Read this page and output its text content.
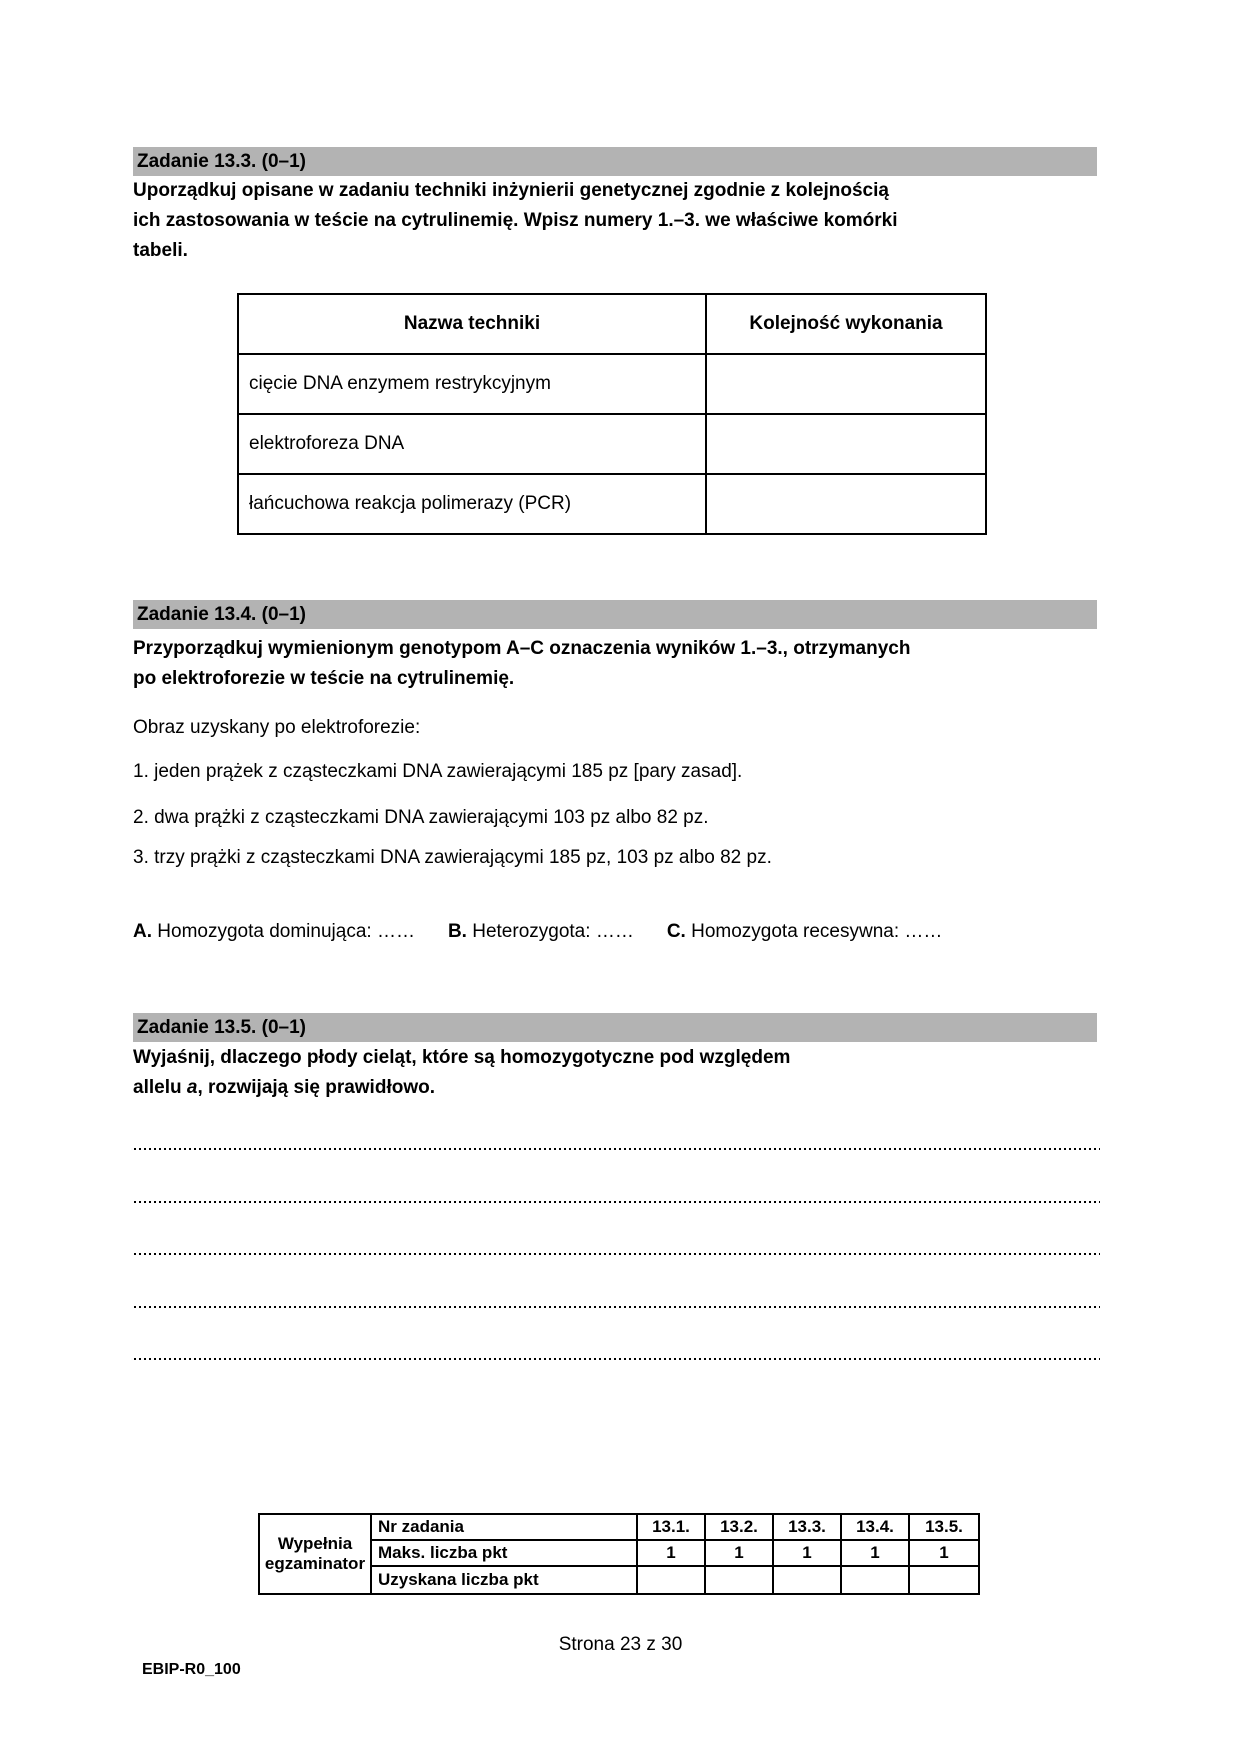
Zadanie 13.3. (0–1)
Uporządkuj opisane w zadaniu techniki inżynierii genetycznej zgodnie z kolejnością
ich zastosowania w teście na cytrulinemię. Wpisz numery 1.–3. we właściwe komórki
tabeli.
Nazwa techniki	Kolejność wykonania
cięcie DNA enzymem restrykcyjnym	
elektroforeza DNA	
łańcuchowa reakcja polimerazy (PCR)	
Zadanie 13.4. (0–1)
Przyporządkuj wymienionym genotypom A–C oznaczenia wyników 1.–3., otrzymanych
po elektroforezie w teście na cytrulinemię.
Obraz uzyskany po elektroforezie:
1. jeden prążek z cząsteczkami DNA zawierającymi 185 pz [pary zasad].
2. dwa prążki z cząsteczkami DNA zawierającymi 103 pz albo 82 pz.
3. trzy prążki z cząsteczkami DNA zawierającymi 185 pz, 103 pz albo 82 pz.
A. Homozygota dominująca: …… B. Heterozygota: …… C. Homozygota recesywna: ……
Zadanie 13.5. (0–1)
Wyjaśnij, dlaczego płody cieląt, które są homozygotyczne pod względem
allelu a, rozwijają się prawidłowo.
Wypełnia
egzaminator	Nr zadania	13.1.	13.2.	13.3.	13.4.	13.5.
	Maks. liczba pkt	1	1	1	1	1
	Uzyskana liczba pkt					
Strona 23 z 30
EBIP-R0_100
